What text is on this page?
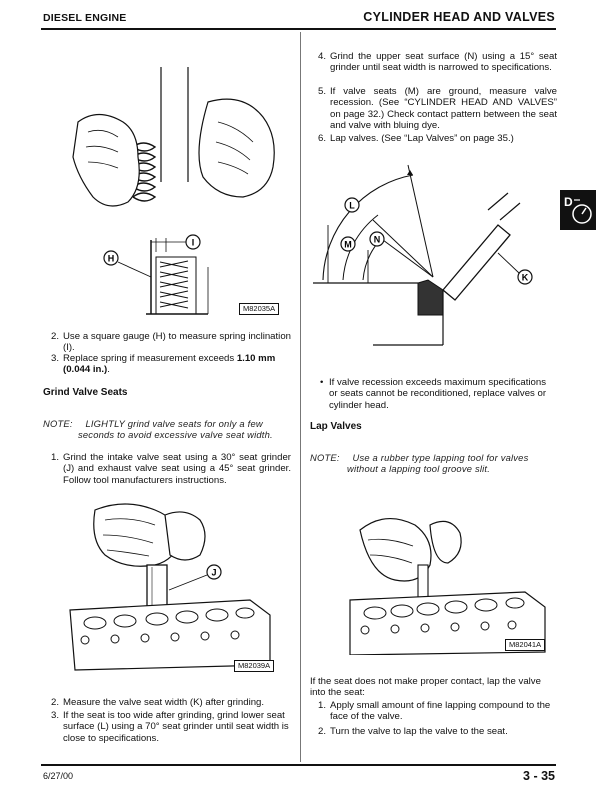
DIESEL ENGINE	CYLINDER HEAD AND VALVES
D
H
I
M82035A
2. Use a square gauge (H) to measure spring inclination (I).
3. Replace spring if measurement exceeds 1.10 mm (0.044 in.).
Grind Valve Seats
NOTE: LIGHTLY grind valve seats for only a few
seconds to avoid excessive valve seat width.
1. Grind the intake valve seat using a 30° seat grinder (J) and exhaust valve seat using a 45° seat grinder. Follow tool manufacturers instructions.
J
M82039A
2. Measure the valve seat width (K) after grinding.
3. If the seat is too wide after grinding, grind lower seat surface (L) using a 70° seat grinder until seat width is close to specifications.
4. Grind the upper seat surface (N) using a 15° seat grinder until seat width is narrowed to specifications.
5. If valve seats (M) are ground, measure valve recession. (See “CYLINDER HEAD AND VALVES” on page 32.) Check contact pattern between the seat and valve with bluing dye.
6. Lap valves. (See “Lap Valves” on page 35.)
L
M N
K
• If valve recession exceeds maximum specifications or seats cannot be reconditioned, replace valves or cylinder head.
Lap Valves
NOTE: Use a rubber type lapping tool for valves
without a lapping tool groove slit.
M82041A
If the seat does not make proper contact, lap the valve into the seat:
1. Apply small amount of fine lapping compound to the face of the valve.
2. Turn the valve to lap the valve to the seat.
6/27/00	3 - 35
